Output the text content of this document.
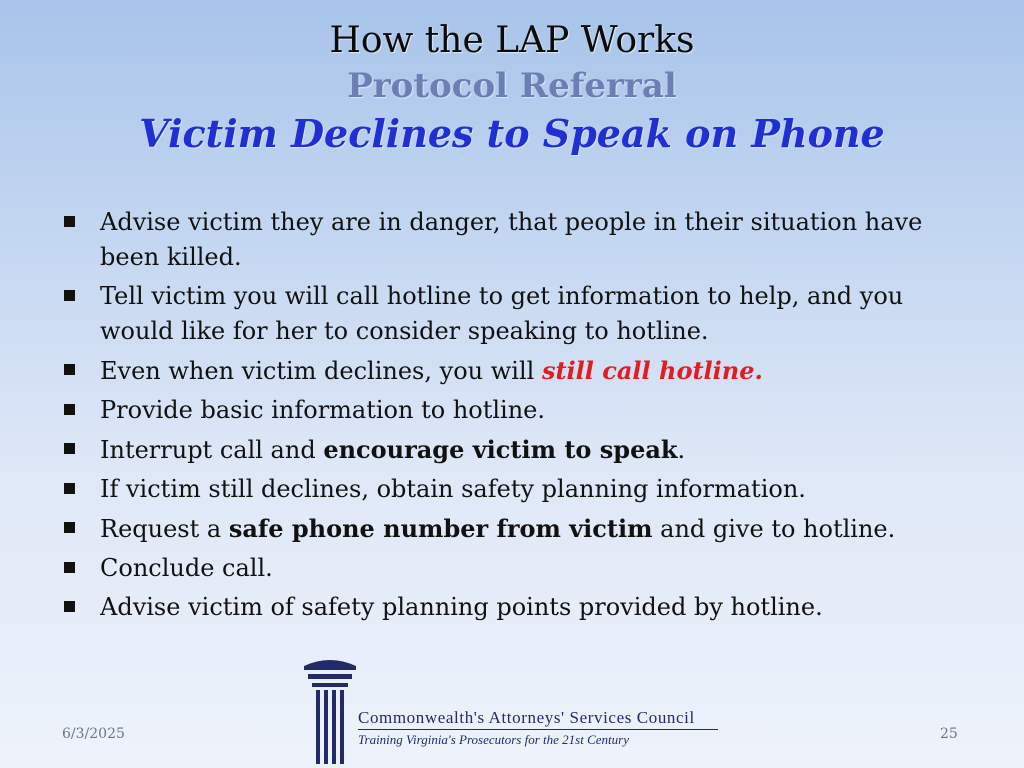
How the LAP Works
Protocol Referral
Victim Declines to Speak on Phone
Advise victim they are in danger, that people in their situation have been killed.
Tell victim you will call hotline to get information to help, and you would like for her to consider speaking to hotline.
Even when victim declines, you will still call hotline.
Provide basic information to hotline.
Interrupt call and encourage victim to speak.
If victim still declines, obtain safety planning information.
Request a safe phone number from victim and give to hotline.
Conclude call.
Advise victim of safety planning points provided by hotline.
Commonwealth's Attorneys' Services Council
Training Virginia's Prosecutors for the 21st Century
6/3/2025	25
